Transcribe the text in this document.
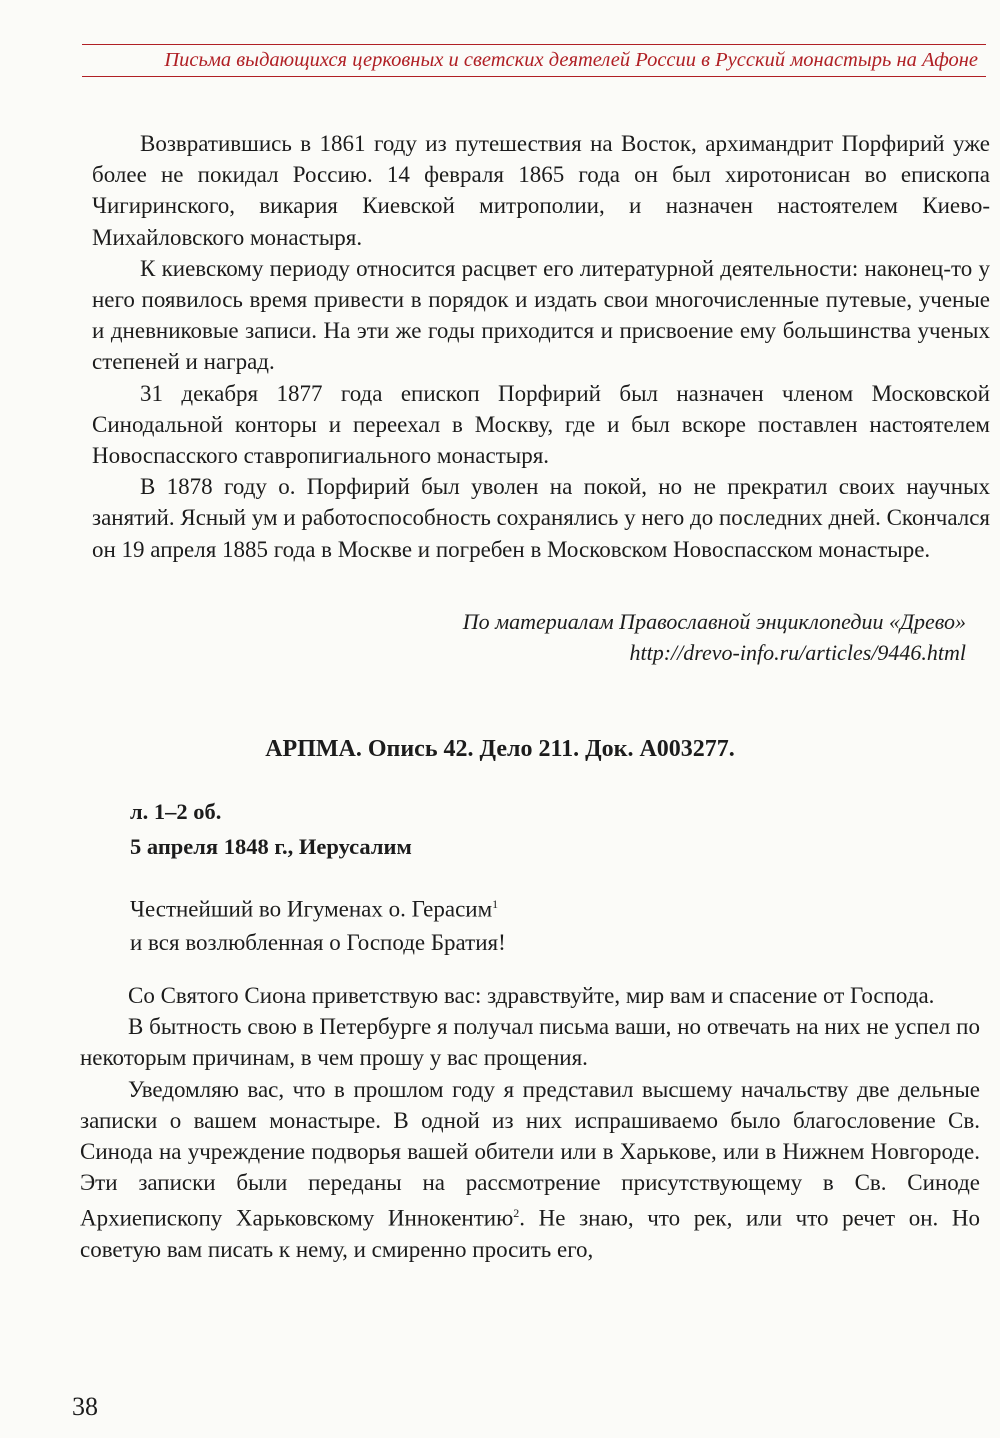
Письма выдающихся церковных и светских деятелей России в Русский монастырь на Афоне

Возвратившись в 1861 году из путешествия на Восток, архимандрит Порфирий уже более не покидал Россию. 14 февраля 1865 года он был хиротонисан во епископа Чигиринского, викария Киевской митрополии, и назначен настоятелем Киево-Михайловского монастыря.

К киевскому периоду относится расцвет его литературной деятельности: наконец-то у него появилось время привести в порядок и издать свои многочисленные путевые, ученые и дневниковые записи. На эти же годы приходится и присвоение ему большинства ученых степеней и наград.

31 декабря 1877 года епископ Порфирий был назначен членом Московской Синодальной конторы и переехал в Москву, где и был вскоре поставлен настоятелем Новоспасского ставропигиального монастыря.

В 1878 году о. Порфирий был уволен на покой, но не прекратил своих научных занятий. Ясный ум и работоспособность сохранялись у него до последних дней. Скончался он 19 апреля 1885 года в Москве и погребен в Московском Новоспасском монастыре.

По материалам Православной энциклопедии «Древо»
http://drevo-info.ru/articles/9446.html
АРПМА. Опись 42. Дело 211. Док. А003277.
л. 1–2 об.
5 апреля 1848 г., Иерусалим
Честнейший во Игуменах о. Герасим$^1$
и вся возлюбленная о Господе Братия!

Со Святого Сиона приветствую вас: здравствуйте, мир вам и спасение от Господа.

В бытность свою в Петербурге я получал письма ваши, но отвечать на них не успел по некоторым причинам, в чем прошу у вас прощения.

Уведомляю вас, что в прошлом году я представил высшему начальству две дельные записки о вашем монастыре. В одной из них испрашиваемо было благословение Св. Синода на учреждение подворья вашей обители или в Харькове, или в Нижнем Новгороде. Эти записки были переданы на рассмотрение присутствующему в Св. Синоде Архиепископу Харьковскому Иннокентию$^2$. Не знаю, что рек, или что речет он. Но советую вам писать к нему, и смиренно просить его,

38
